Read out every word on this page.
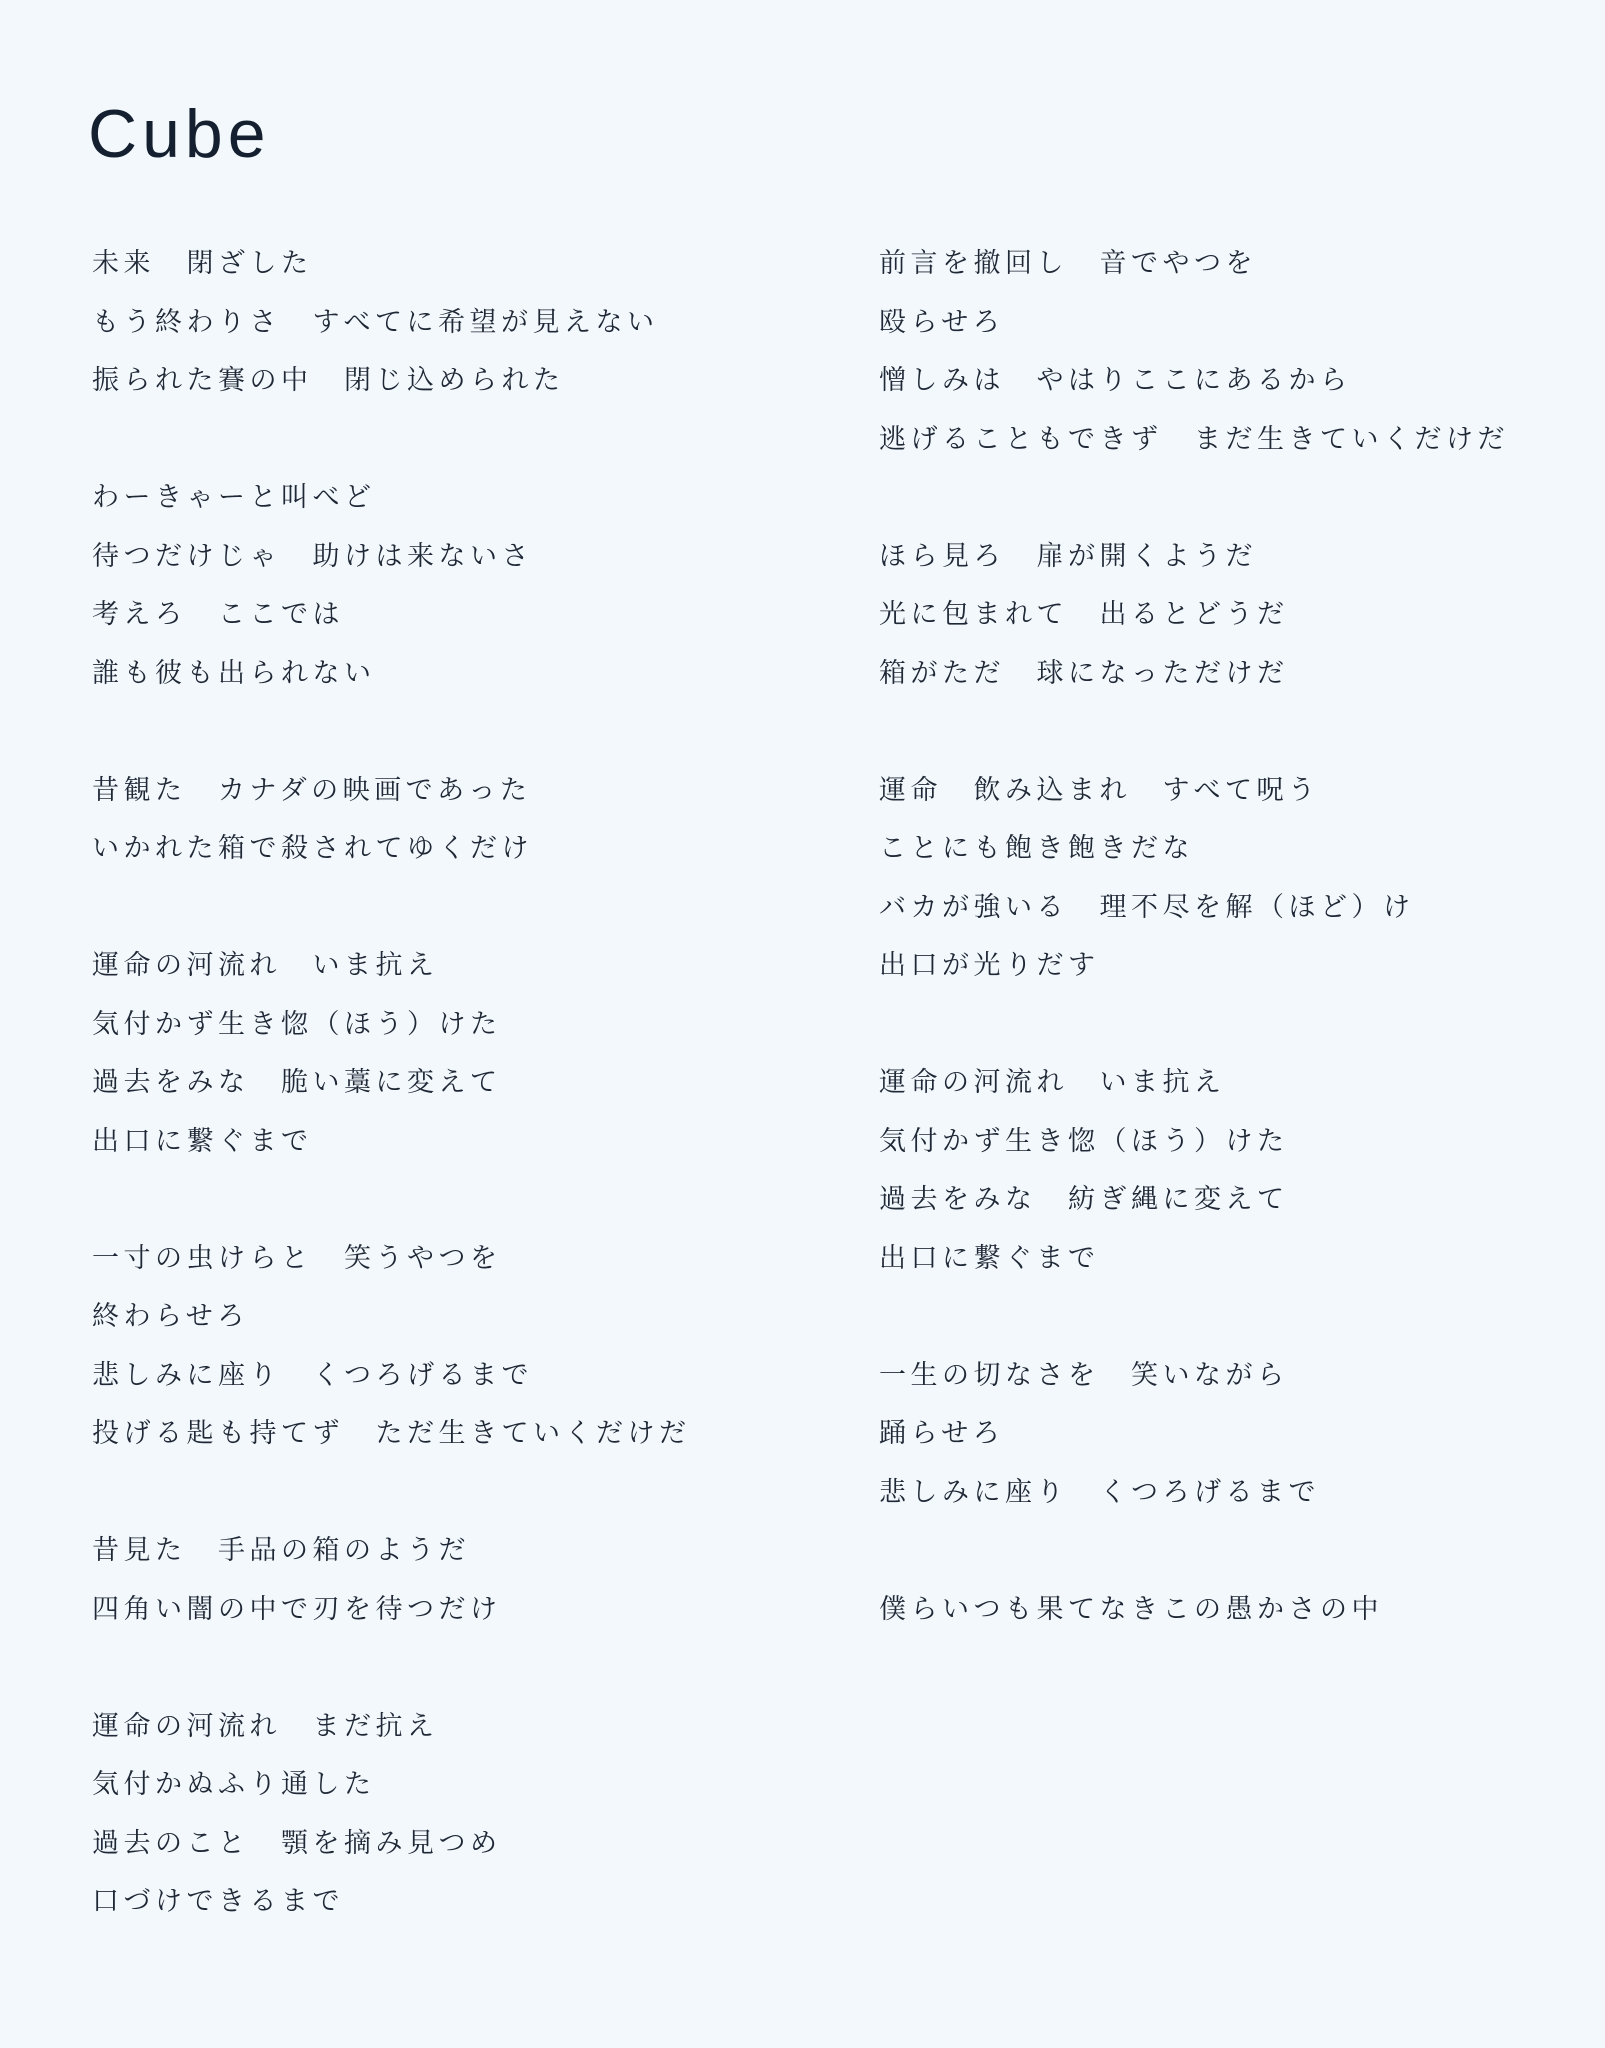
Cube
未来　閉ざした
もう終わりさ　すべてに希望が見えない
振られた賽の中　閉じ込められた
わーきゃーと叫べど
待つだけじゃ　助けは来ないさ
考えろ　ここでは
誰も彼も出られない
昔観た　カナダの映画であった
いかれた箱で殺されてゆくだけ
運命の河流れ　いま抗え
気付かず生き惚（ほう）けた
過去をみな　脆い藁に変えて
出口に繋ぐまで
一寸の虫けらと　笑うやつを
終わらせろ
悲しみに座り　くつろげるまで
投げる匙も持てず　ただ生きていくだけだ
昔見た　手品の箱のようだ
四角い闇の中で刃を待つだけ
運命の河流れ　まだ抗え
気付かぬふり通した
過去のこと　顎を摘み見つめ
口づけできるまで
前言を撤回し　音でやつを
殴らせろ
憎しみは　やはりここにあるから
逃げることもできず　まだ生きていくだけだ
ほら見ろ　扉が開くようだ
光に包まれて　出るとどうだ
箱がただ　球になっただけだ
運命　飲み込まれ　すべて呪う
ことにも飽き飽きだな
バカが強いる　理不尽を解（ほど）け
出口が光りだす
運命の河流れ　いま抗え
気付かず生き惚（ほう）けた
過去をみな　紡ぎ縄に変えて
出口に繋ぐまで
一生の切なさを　笑いながら
踊らせろ
悲しみに座り　くつろげるまで
僕らいつも果てなきこの愚かさの中
